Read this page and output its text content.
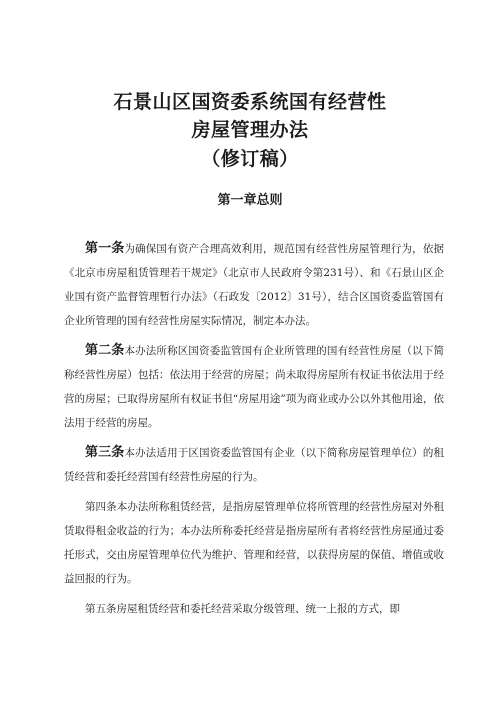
石景山区国资委系统国有经营性
房屋管理办法
（修订稿）
第一章总则

第一条为确保国有资产合理高效利用，规范国有经营性房屋管理行为，依据《北京市房屋租赁管理若干规定》（北京市人民政府令第231号）、和《石景山区企业国有资产监督管理暂行办法》（石政发〔2012〕31号），结合区国资委监管国有企业所管理的国有经营性房屋实际情况，制定本办法。

第二条本办法所称区国资委监管国有企业所管理的国有经营性房屋（以下简称经营性房屋）包括：依法用于经营的房屋；尚未取得房屋所有权证书依法用于经营的房屋；已取得房屋所有权证书但“房屋用途”项为商业或办公以外其他用途，依法用于经营的房屋。

第三条本办法适用于区国资委监管国有企业（以下简称房屋管理单位）的租赁经营和委托经营国有经营性房屋的行为。

第四条本办法所称租赁经营，是指房屋管理单位将所管理的经营性房屋对外租赁取得租金收益的行为；本办法所称委托经营是指房屋所有者将经营性房屋通过委托形式，交由房屋管理单位代为维护、管理和经营，以获得房屋的保值、增值或收益回报的行为。

第五条房屋租赁经营和委托经营采取分级管理、统一上报的方式，即
